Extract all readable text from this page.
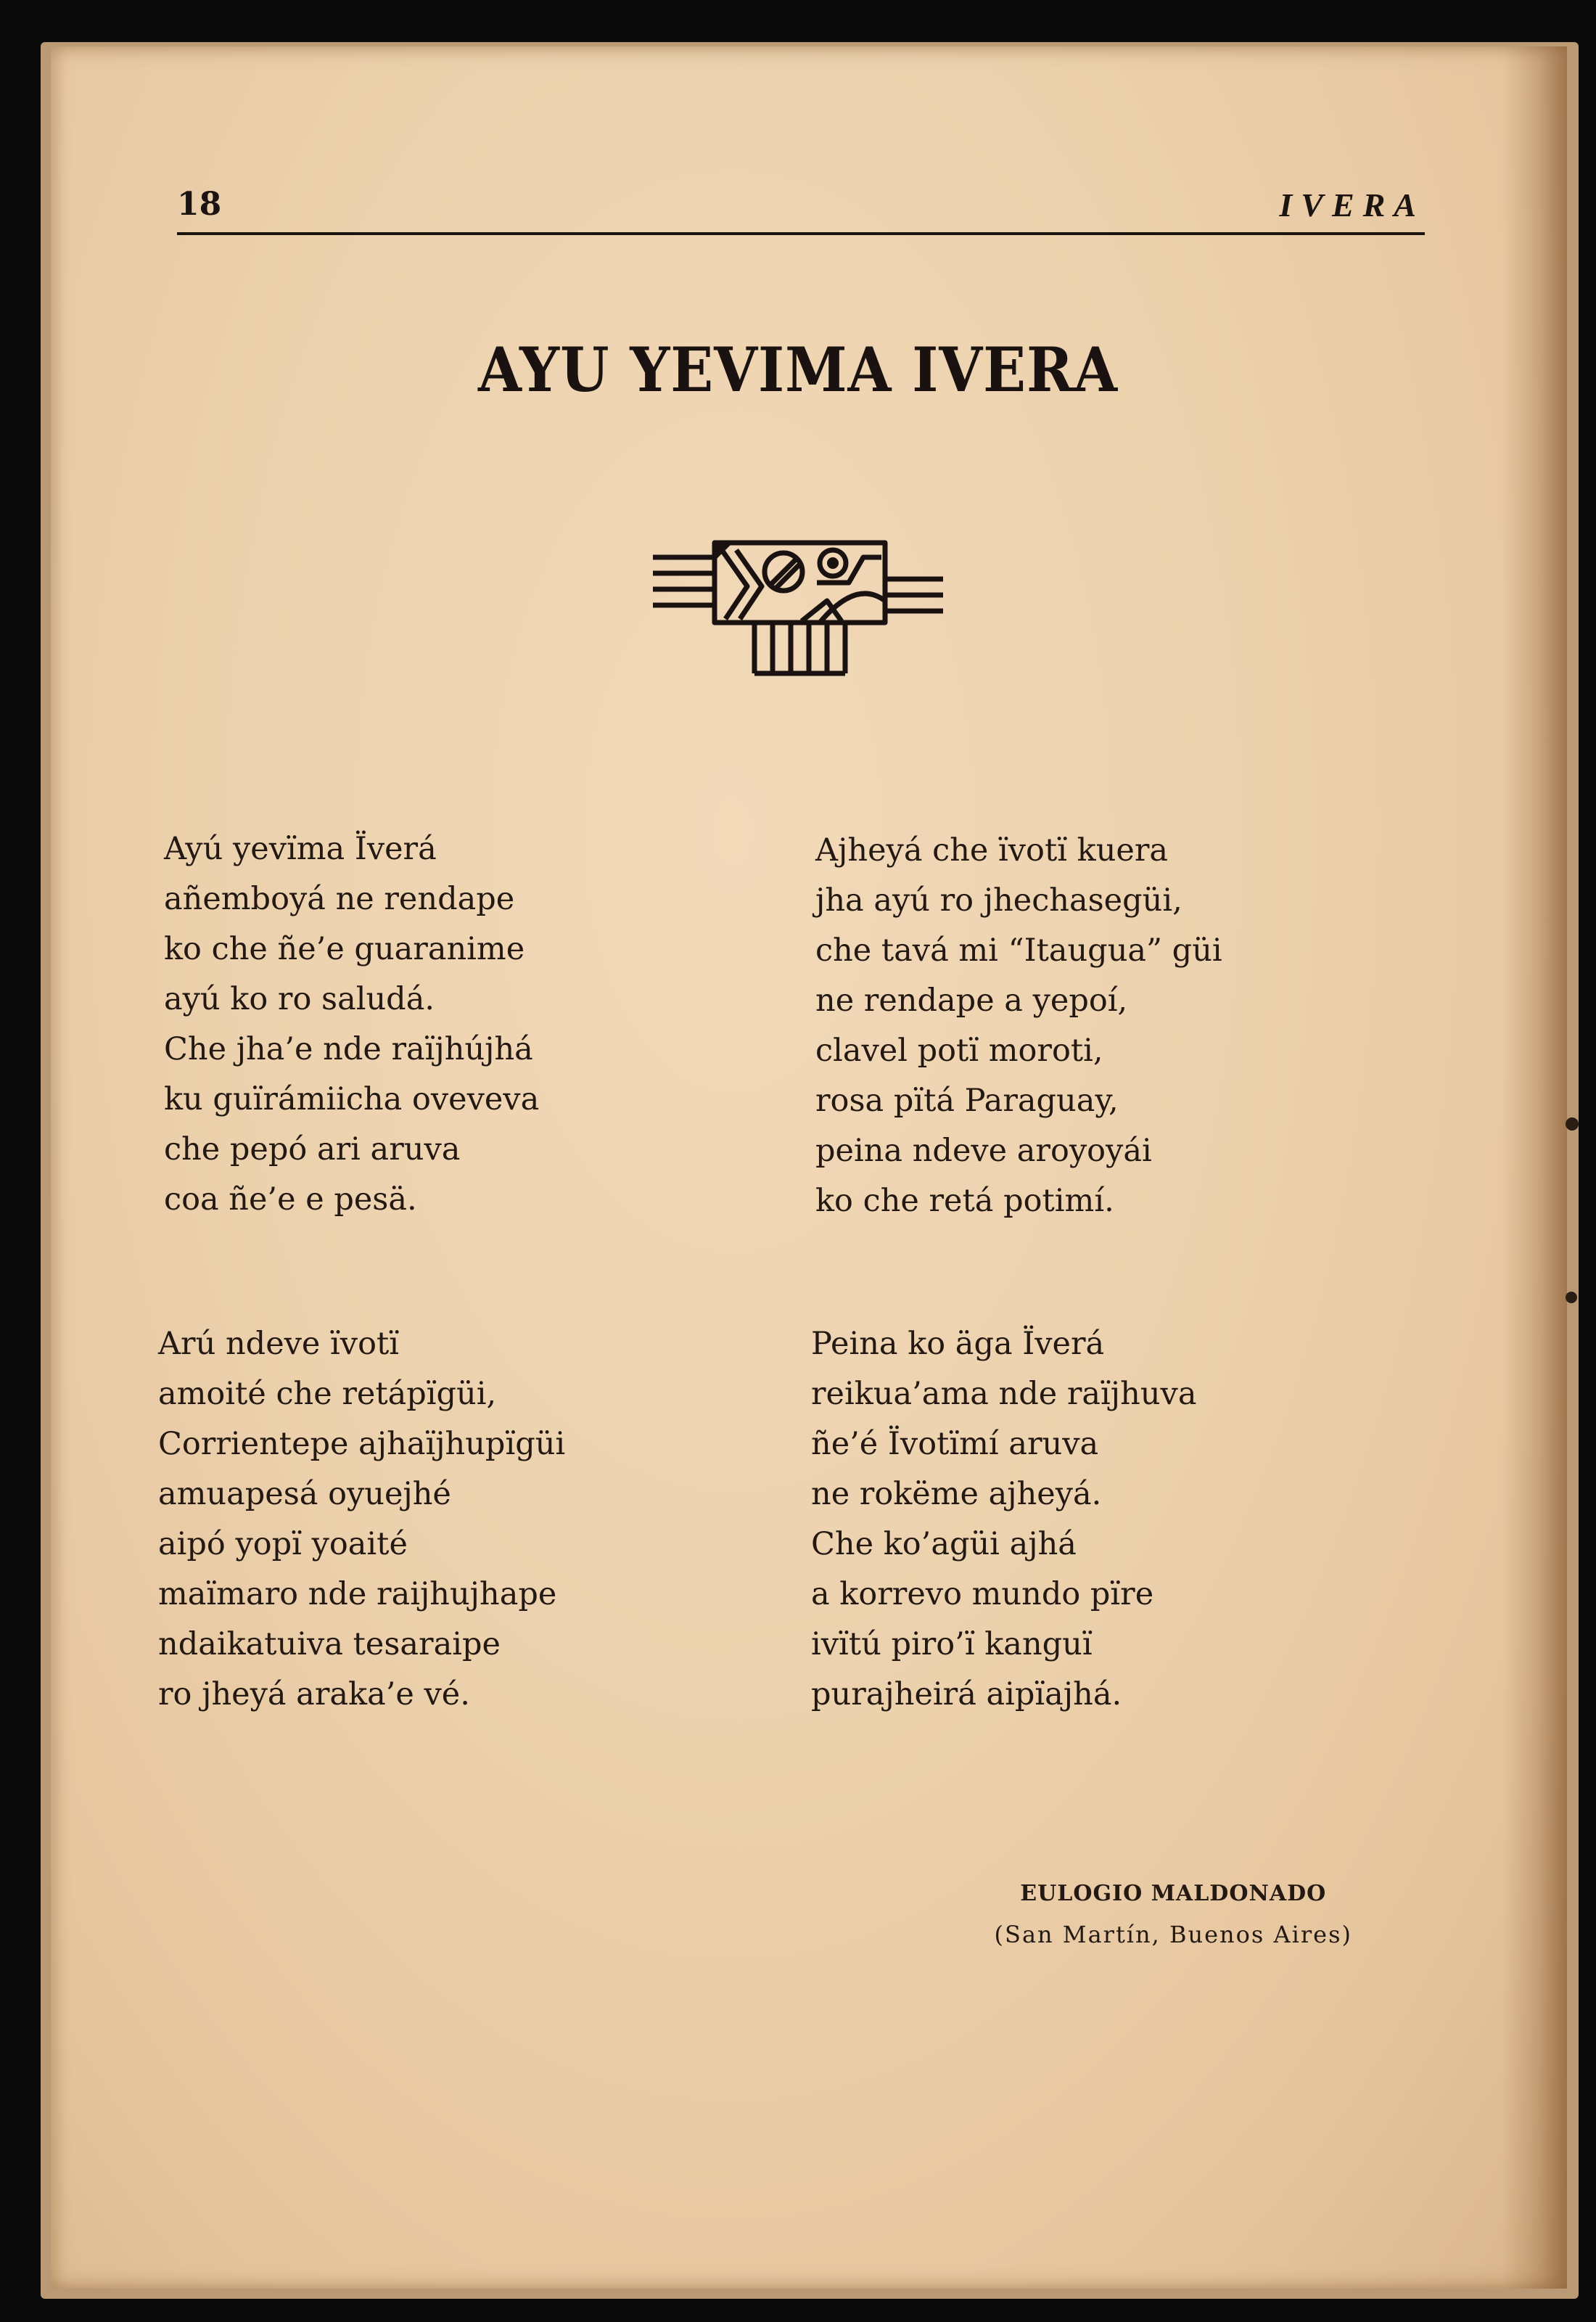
18	IVERA
AYU YEVIMA IVERA
Ayú yevïma Ïverá
añemboyá ne rendape
ko che ñe’e guaranime
ayú ko ro saludá.
Che jha’e nde raïjhújhá
ku guïrámiicha oveveva
che pepó ari aruva
coa ñe’e e pesä.
Ajheyá che ïvotï kuera
jha ayú ro jhechasegüi,
che tavá mi “Itaugua” güi
ne rendape a yepoí,
clavel potï moroti,
rosa pïtá Paraguay,
peina ndeve aroyoyái
ko che retá potimí.
Arú ndeve ïvotï
amoité che retápïgüi,
Corrientepe ajhaïjhupïgüi
amuapesá oyuejhé
aipó yopï yoaité
maïmaro nde raijhujhape
ndaikatuiva tesaraipe
ro jheyá araka’e vé.
Peina ko äga Ïverá
reikua’ama nde raïjhuva
ñe’é Ïvotïmí aruva
ne rokëme ajheyá.
Che ko’agüi ajhá
a korrevo mundo pïre
ivïtú piro’ï kanguï
purajheirá aipïajhá.
EULOGIO MALDONADO
(San Martín, Buenos Aires)
